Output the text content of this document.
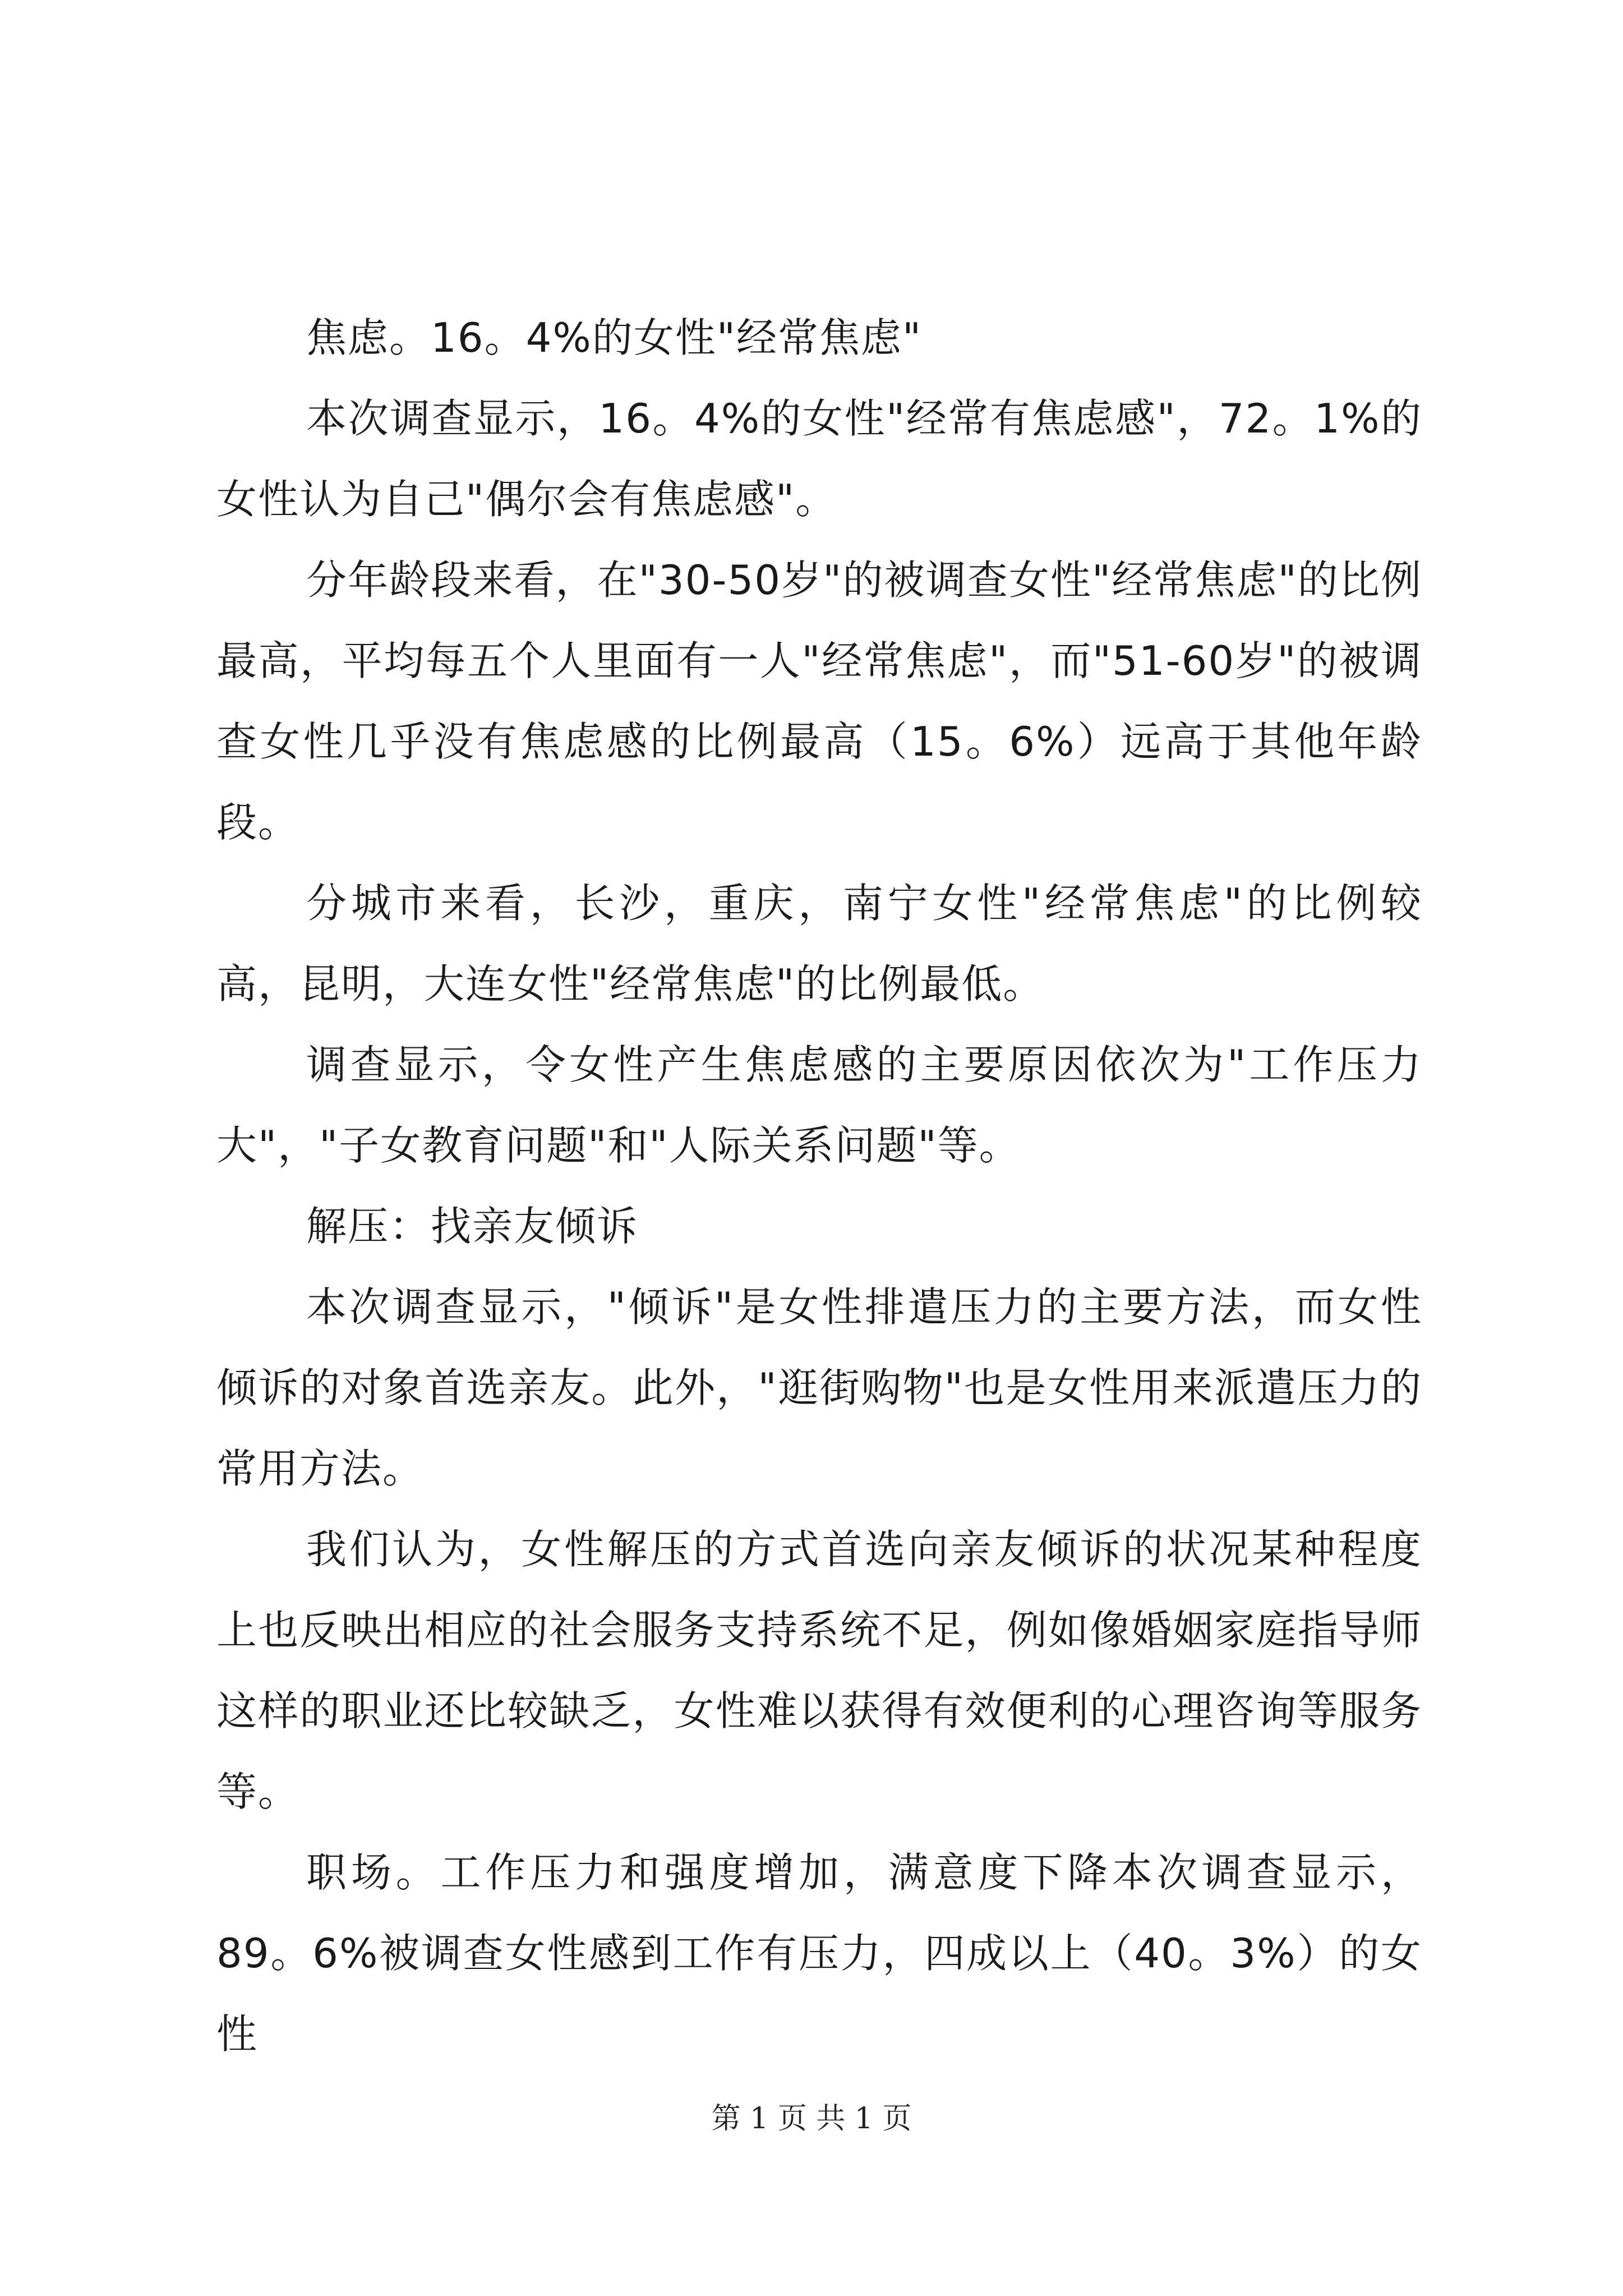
焦虑。16。4%的女性"经常焦虑"

本次调查显示，16。4%的女性"经常有焦虑感"，72。1%的女性认为自己"偶尔会有焦虑感"。

分年龄段来看，在"30-50岁"的被调查女性"经常焦虑"的比例最高，平均每五个人里面有一人"经常焦虑"，而"51-60岁"的被调查女性几乎没有焦虑感的比例最高（15。6%）远高于其他年龄段。

分城市来看，长沙，重庆，南宁女性"经常焦虑"的比例较高，昆明，大连女性"经常焦虑"的比例最低。

调查显示，令女性产生焦虑感的主要原因依次为"工作压力大"，"子女教育问题"和"人际关系问题"等。

解压：找亲友倾诉

本次调查显示，"倾诉"是女性排遣压力的主要方法，而女性倾诉的对象首选亲友。此外，"逛街购物"也是女性用来派遣压力的常用方法。

我们认为，女性解压的方式首选向亲友倾诉的状况某种程度上也反映出相应的社会服务支持系统不足，例如像婚姻家庭指导师这样的职业还比较缺乏，女性难以获得有效便利的心理咨询等服务等。

职场。工作压力和强度增加，满意度下降本次调查显示，89。6%被调查女性感到工作有压力，四成以上（40。3%）的女性

第 1 页 共 1 页
